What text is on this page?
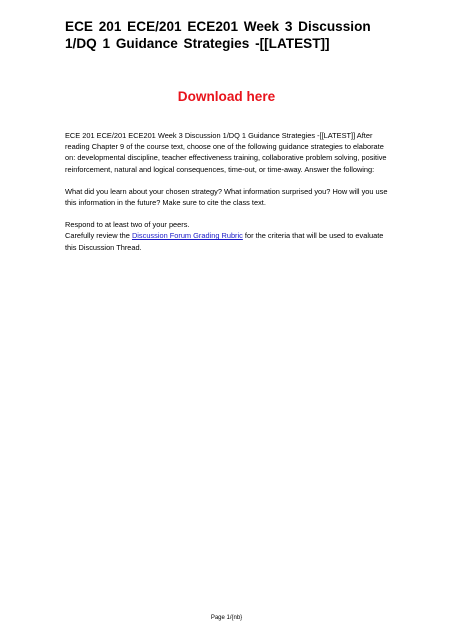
ECE 201 ECE/201 ECE201 Week 3 Discussion 1/DQ 1 Guidance Strategies -[[LATEST]]
Download here

ECE 201 ECE/201 ECE201 Week 3 Discussion 1/DQ 1 Guidance Strategies -[[LATEST]] After reading Chapter 9 of the course text, choose one of the following guidance strategies to elaborate on: developmental discipline, teacher effectiveness training, collaborative problem solving, positive reinforcement, natural and logical consequences, time-out, or time-away. Answer the following:

What did you learn about your chosen strategy? What information surprised you? How will you use this information in the future? Make sure to cite the class text.

Respond to at least two of your peers.

Carefully review the Discussion Forum Grading Rubric for the criteria that will be used to evaluate this Discussion Thread.

Page 1/{nb}
